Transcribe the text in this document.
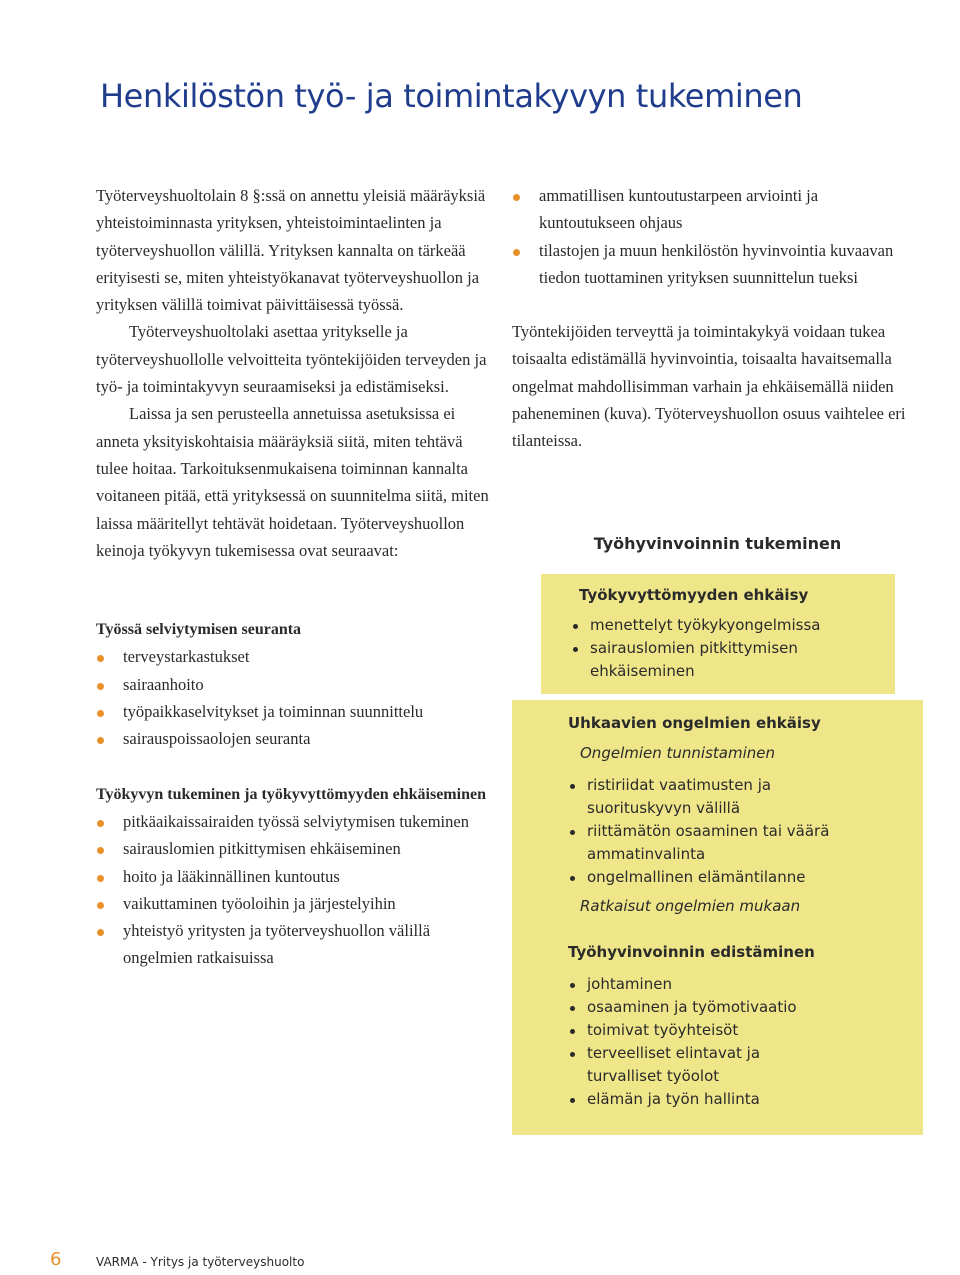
Henkilöstön työ- ja toimintakyvyn tukeminen

Työterveyshuoltolain 8 §:ssä on annettu yleisiä määräyksiä yhteistoiminnasta yrityksen, yhteistoimintaelinten ja työterveyshuollon välillä. Yrityksen kannalta on tärkeää erityisesti se, miten yhteistyökanavat työterveyshuollon ja yrityksen välillä toimivat päivittäisessä työssä.

Työterveyshuoltolaki asettaa yritykselle ja työterveyshuollolle velvoitteita työntekijöiden terveyden ja työ- ja toimintakyvyn seuraamiseksi ja edistämiseksi.

Laissa ja sen perusteella annetuissa asetuksissa ei anneta yksityiskohtaisia määräyksiä siitä, miten tehtävä tulee hoitaa. Tarkoituksenmukaisena toiminnan kannalta voitaneen pitää, että yrityksessä on suunnitelma siitä, miten laissa määritellyt tehtävät hoidetaan. Työterveyshuollon keinoja työkyvyn tukemisessa ovat seuraavat:

Työssä selviytymisen seuranta

terveystarkastukset
sairaanhoito
työpaikkaselvitykset ja toiminnan suunnittelu
sairauspoissaolojen seuranta

Työkyvyn tukeminen ja työkyvyttömyyden ehkäiseminen

pitkäaikaissairaiden työssä selviytymisen tukeminen
sairauslomien pitkittymisen ehkäiseminen
hoito ja lääkinnällinen kuntoutus
vaikuttaminen työoloihin ja järjestelyihin
yhteistyö yritysten ja työterveyshuollon välillä ongelmien ratkaisuissa
ammatillisen kuntoutustarpeen arviointi ja kuntoutukseen ohjaus
tilastojen ja muun henkilöstön hyvinvointia kuvaavan tiedon tuottaminen yrityksen suunnittelun tueksi

Työntekijöiden terveyttä ja toimintakykyä voidaan tukea toisaalta edistämällä hyvinvointia, toisaalta havaitsemalla ongelmat mahdollisimman varhain ja ehkäisemällä niiden paheneminen (kuva). Työterveyshuollon osuus vaihtelee eri tilanteissa.

Työhyvinvoinnin tukeminen

Työkyvyttömyyden ehkäisy

menettelyt työkykyongelmissa
sairauslomien pitkittymisen ehkäiseminen

Uhkaavien ongelmien ehkäisy

Ongelmien tunnistaminen

ristiriidat vaatimusten ja suorituskyvyn välillä
riittämätön osaaminen tai väärä ammatinvalinta
ongelmallinen elämäntilanne

Ratkaisut ongelmien mukaan

Työhyvinvoinnin edistäminen

johtaminen
osaaminen ja työmotivaatio
toimivat työyhteisöt
terveelliset elintavat ja turvalliset työolot
elämän ja työn hallinta
6	VARMA - Yritys ja työterveyshuolto
